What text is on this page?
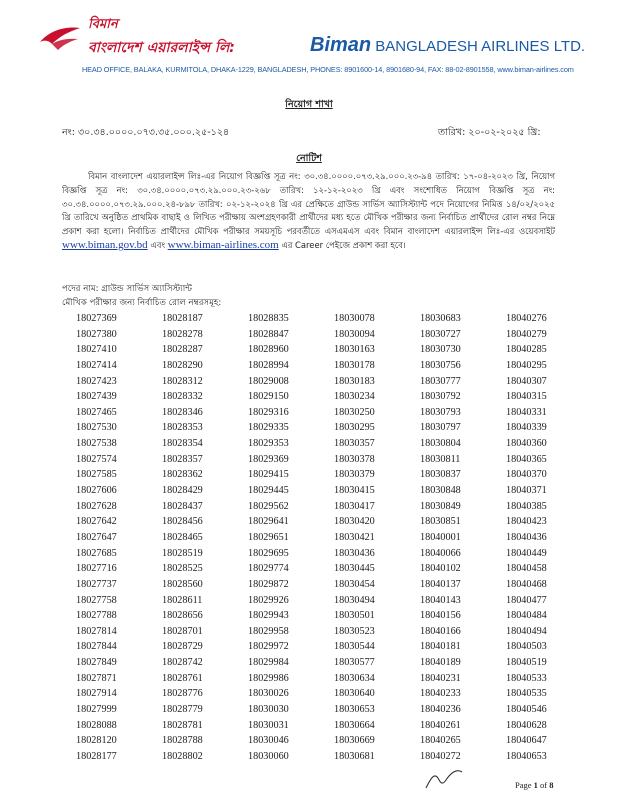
বিমান
বাংলাদেশ এয়ারলাইন্স লি:	Biman BANGLADESH AIRLINES LTD.
HEAD OFFICE, BALAKA, KURMITOLA, DHAKA-1229, BANGLADESH, PHONES: 8901600-14, 8901680-94, FAX: 88-02-8901558, www.biman-airlines.com
নিয়োগ শাখা
নং: ৩০.৩৪.০০০০.০৭৩.৩৫.০০০.২৫-১২৪	তারিখ: ২০-০২-২০২৫ খ্রি:
নোটিশ
বিমান বাংলাদেশ এয়ারলাইন্স লিঃ-এর নিয়োগ বিজ্ঞপ্তি সূত্র নং: ৩০.৩৪.০০০০.০৭৩.২৯.০০০.২৩-৯৪ তারিখ: ১৭-০৪-২০২৩ খ্রি, নিয়োগ বিজ্ঞপ্তি সূত্র নং: ৩০.৩৪.০০০০.০৭৩.২৯.০০০.২৩-২৬৮ তারিখ: ১২-১২-২০২৩ খ্রি এবং সংশোধিত নিয়োগ বিজ্ঞপ্তি সূত্র নং: ৩০.৩৪.০০০০.০৭৩.২৯.০০০.২৪-৮৯৮ তারিখ: ০২-১২-২০২৪ খ্রি এর প্রেক্ষিতে গ্রাউন্ড সার্ভিস অ্যাসিস্ট্যান্ট পদে নিয়োগের নিমিত্ত ১৪/০২/২০২৫ খ্রি তারিখে অনুষ্ঠিত প্রাথমিক বাছাই ও লিখিত পরীক্ষায় অংশগ্রহণকারী প্রার্থীদের মধ্য হতে মৌখিক পরীক্ষার জন্য নির্বাচিত প্রার্থীদের রোল নম্বর নিম্নে প্রকাশ করা হলো। নির্বাচিত প্রার্থীদের মৌখিক পরীক্ষার সময়সূচি পরবর্তীতে এসএমএস এবং বিমান বাংলাদেশ এয়ারলাইন্স লিঃ-এর ওয়েবসাইট www.biman.gov.bd এবং www.biman-airlines.com এর Career পেইজে প্রকাশ করা হবে।
পদের নাম: গ্রাউন্ড সার্ভিস অ্যাসিস্ট্যান্ট
মৌখিক পরীক্ষার জন্য নির্বাচিত রোল নম্বরসমূহ:
18027369
18027380
18027410
18027414
18027423
18027439
18027465
18027530
18027538
18027574
18027585
18027606
18027628
18027642
18027647
18027685
18027716
18027737
18027758
18027788
18027814
18027844
18027849
18027871
18027914
18027999
18028088
18028120
18028177
18028187
18028278
18028287
18028290
18028312
18028332
18028346
18028353
18028354
18028357
18028362
18028429
18028437
18028456
18028465
18028519
18028525
18028560
18028611
18028656
18028701
18028729
18028742
18028761
18028776
18028779
18028781
18028788
18028802
18028835
18028847
18028960
18028994
18029008
18029150
18029316
18029335
18029353
18029369
18029415
18029445
18029562
18029641
18029651
18029695
18029774
18029872
18029926
18029943
18029958
18029972
18029984
18029986
18030026
18030030
18030031
18030046
18030060
18030078
18030094
18030163
18030178
18030183
18030234
18030250
18030295
18030357
18030378
18030379
18030415
18030417
18030420
18030421
18030436
18030445
18030454
18030494
18030501
18030523
18030544
18030577
18030634
18030640
18030653
18030664
18030669
18030681
18030683
18030727
18030730
18030756
18030777
18030792
18030793
18030797
18030804
18030811
18030837
18030848
18030849
18030851
18040001
18040066
18040102
18040137
18040143
18040156
18040166
18040181
18040189
18040231
18040233
18040236
18040261
18040265
18040272
18040276
18040279
18040285
18040295
18040307
18040315
18040331
18040339
18040360
18040365
18040370
18040371
18040385
18040423
18040436
18040449
18040458
18040468
18040477
18040484
18040494
18040503
18040519
18040533
18040535
18040546
18040628
18040647
18040653
Page 1 of 8
